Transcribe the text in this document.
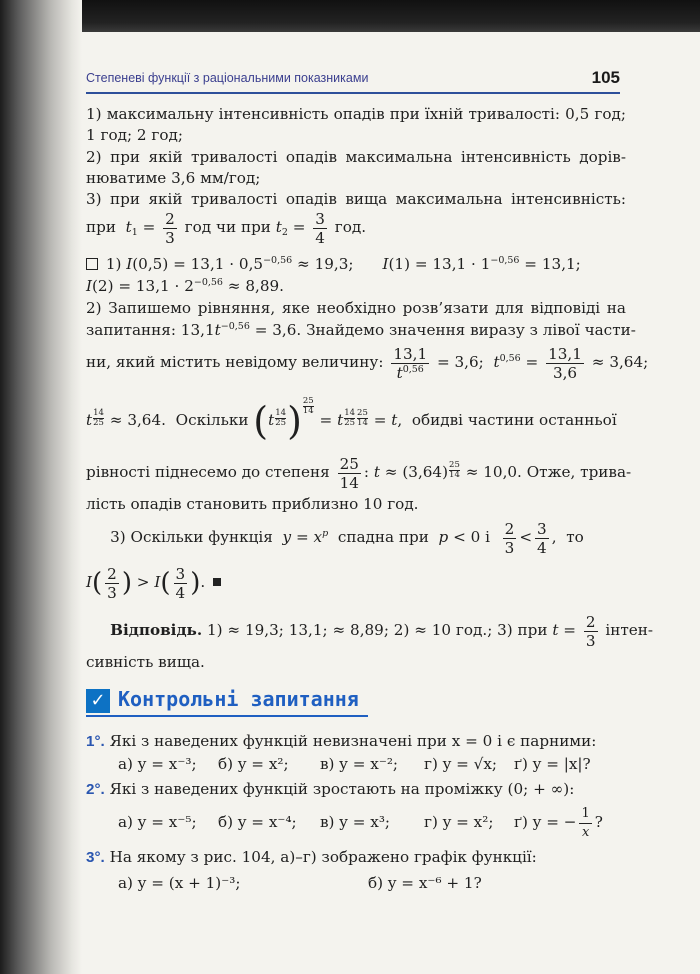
Степеневі функції з раціональними показниками	105
1) максимальну інтенсивність опадів при їхній тривалості: 0,5 год;
1 год; 2 год;
2) при якій тривалості опадів максимальна інтенсивність дорів-
нюватиме 3,6 мм/год;
3) при якій тривалості опадів вища максимальна інтенсивність:
при  $t_1 = \frac{2}{3}$ год чи при $t_2 = \frac{3}{4}$ год.
1) $I(0,5) = 13,1 \cdot 0,5^{-0,56} \approx 19,3$;      $I(1) = 13,1 \cdot 1^{-0,56} = 13,1$;
$I(2) = 13,1 \cdot 2^{-0,56} \approx 8,89$.
2) Запишемо рівняння, яке необхідно розв’язати для відповіді на
запитання: $13,1t^{-0,56} = 3,6$. Знайдемо значення виразу з лівої части-
ни, який містить невідому величину: $\frac{13,1}{t^{0,56}} = 3,6$;  $t^{0,56} = \frac{13,1}{3,6} \approx 3,64$;
t $\frac{14}{25} \approx 3,64$.  Оскільки ($t \frac{14}{25}$ ) $\frac{25}{14}$
= t $\frac{14}{25} \frac{25}{14} = t$,  обидві частини останньої
рівності піднесемо до степеня $\frac{25}{14}$ : $t \approx (3,64) \frac{25}{14} \approx 10,0$. Отже, трива-
лість опадів становить приблизно 10 год.
3) Оскільки функція $y = x^p$ спадна при p < 0 і $\frac{2}{3} < \frac{3}{4}$ ,  то
$I( \frac{2}{3}$ ) > $I( \frac{3}{4}$ ).
Відповідь. 1) ≈ 19,3; 13,1; ≈ 8,89; 2) ≈ 10 год.; 3) при $t = \frac{2}{3}$ інтен-
сивність вища.
✓ Контрольні запитання
1°. Які з наведених функцій невизначені при x = 0 і є парними:
а) y = x⁻³; б) y = x²; в) y = x⁻²; г) y = √x; ґ) y = |x|?
2°. Які з наведених функцій зростають на проміжку (0; + ∞):
а) y = x⁻⁵; б) y = x⁻⁴; в) y = x³; г) y = x²; ґ) y = − $\frac{1}{x}$ ?
3°. На якому з рис. 104, а)–г) зображено графік функції:
а) y = (x + 1)⁻³;	б) y = x⁻⁶ + 1?
